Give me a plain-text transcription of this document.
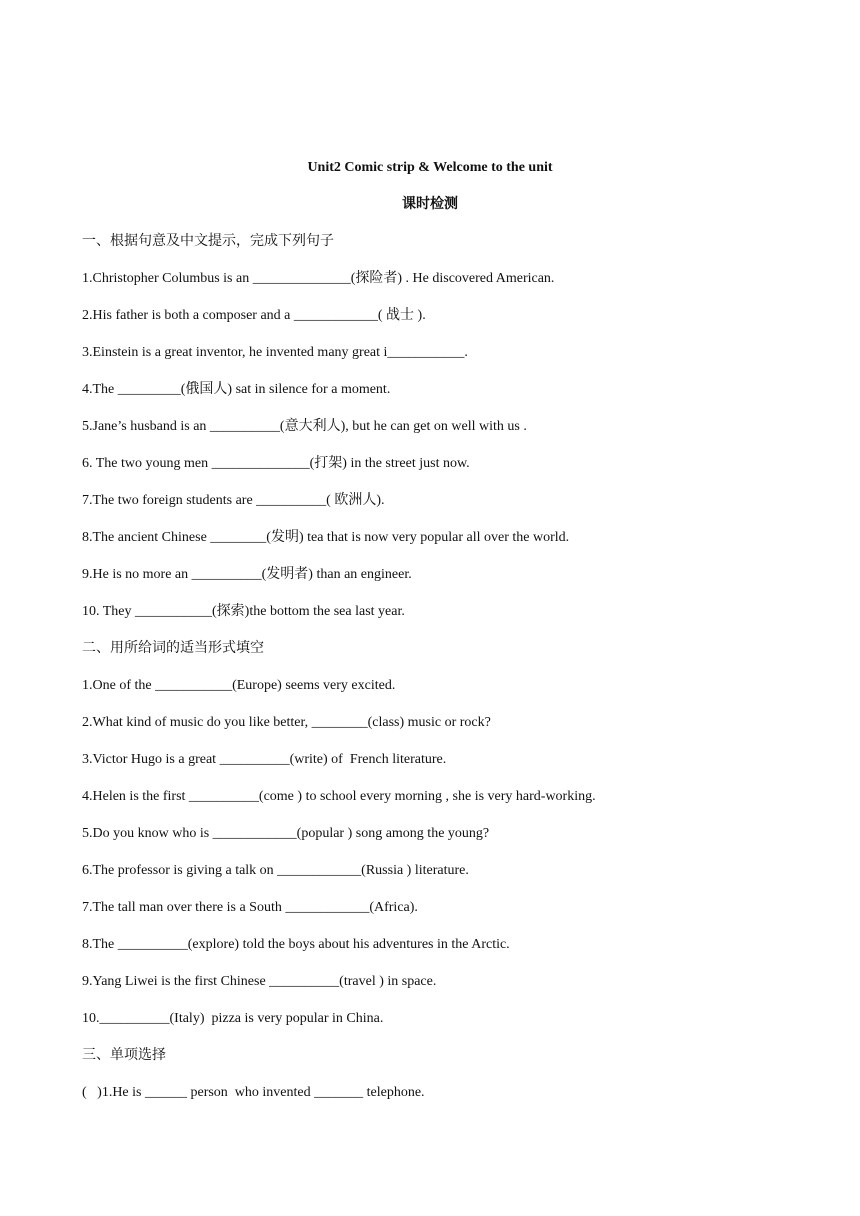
Unit2 Comic strip & Welcome to the unit
课时检测
一、根据句意及中文提示，完成下列句子
1.Christopher Columbus is an ______________(探险者) . He discovered American.
2.His father is both a composer and a ____________( 战士 ).
3.Einstein is a great inventor, he invented many great i___________.
4.The _________(俄国人) sat in silence for a moment.
5.Jane’s husband is an __________(意大利人), but he can get on well with us .
6. The two young men ______________(打架) in the street just now.
7.The two foreign students are __________( 欧洲人).
8.The ancient Chinese ________(发明) tea that is now very popular all over the world.
9.He is no more an __________(发明者) than an engineer.
10. They ___________(探索)the bottom the sea last year.
二、用所给词的适当形式填空
1.One of the ___________(Europe) seems very excited.
2.What kind of music do you like better, ________(class) music or rock?
3.Victor Hugo is a great __________(write) of  French literature.
4.Helen is the first __________(come ) to school every morning , she is very hard-working.
5.Do you know who is ____________(popular ) song among the young?
6.The professor is giving a talk on ____________(Russia ) literature.
7.The tall man over there is a South ____________(Africa).
8.The __________(explore) told the boys about his adventures in the Arctic.
9.Yang Liwei is the first Chinese __________(travel ) in space.
10.__________(Italy)  pizza is very popular in China.
三、单项选择
(   )1.He is ______ person  who invented _______ telephone.
